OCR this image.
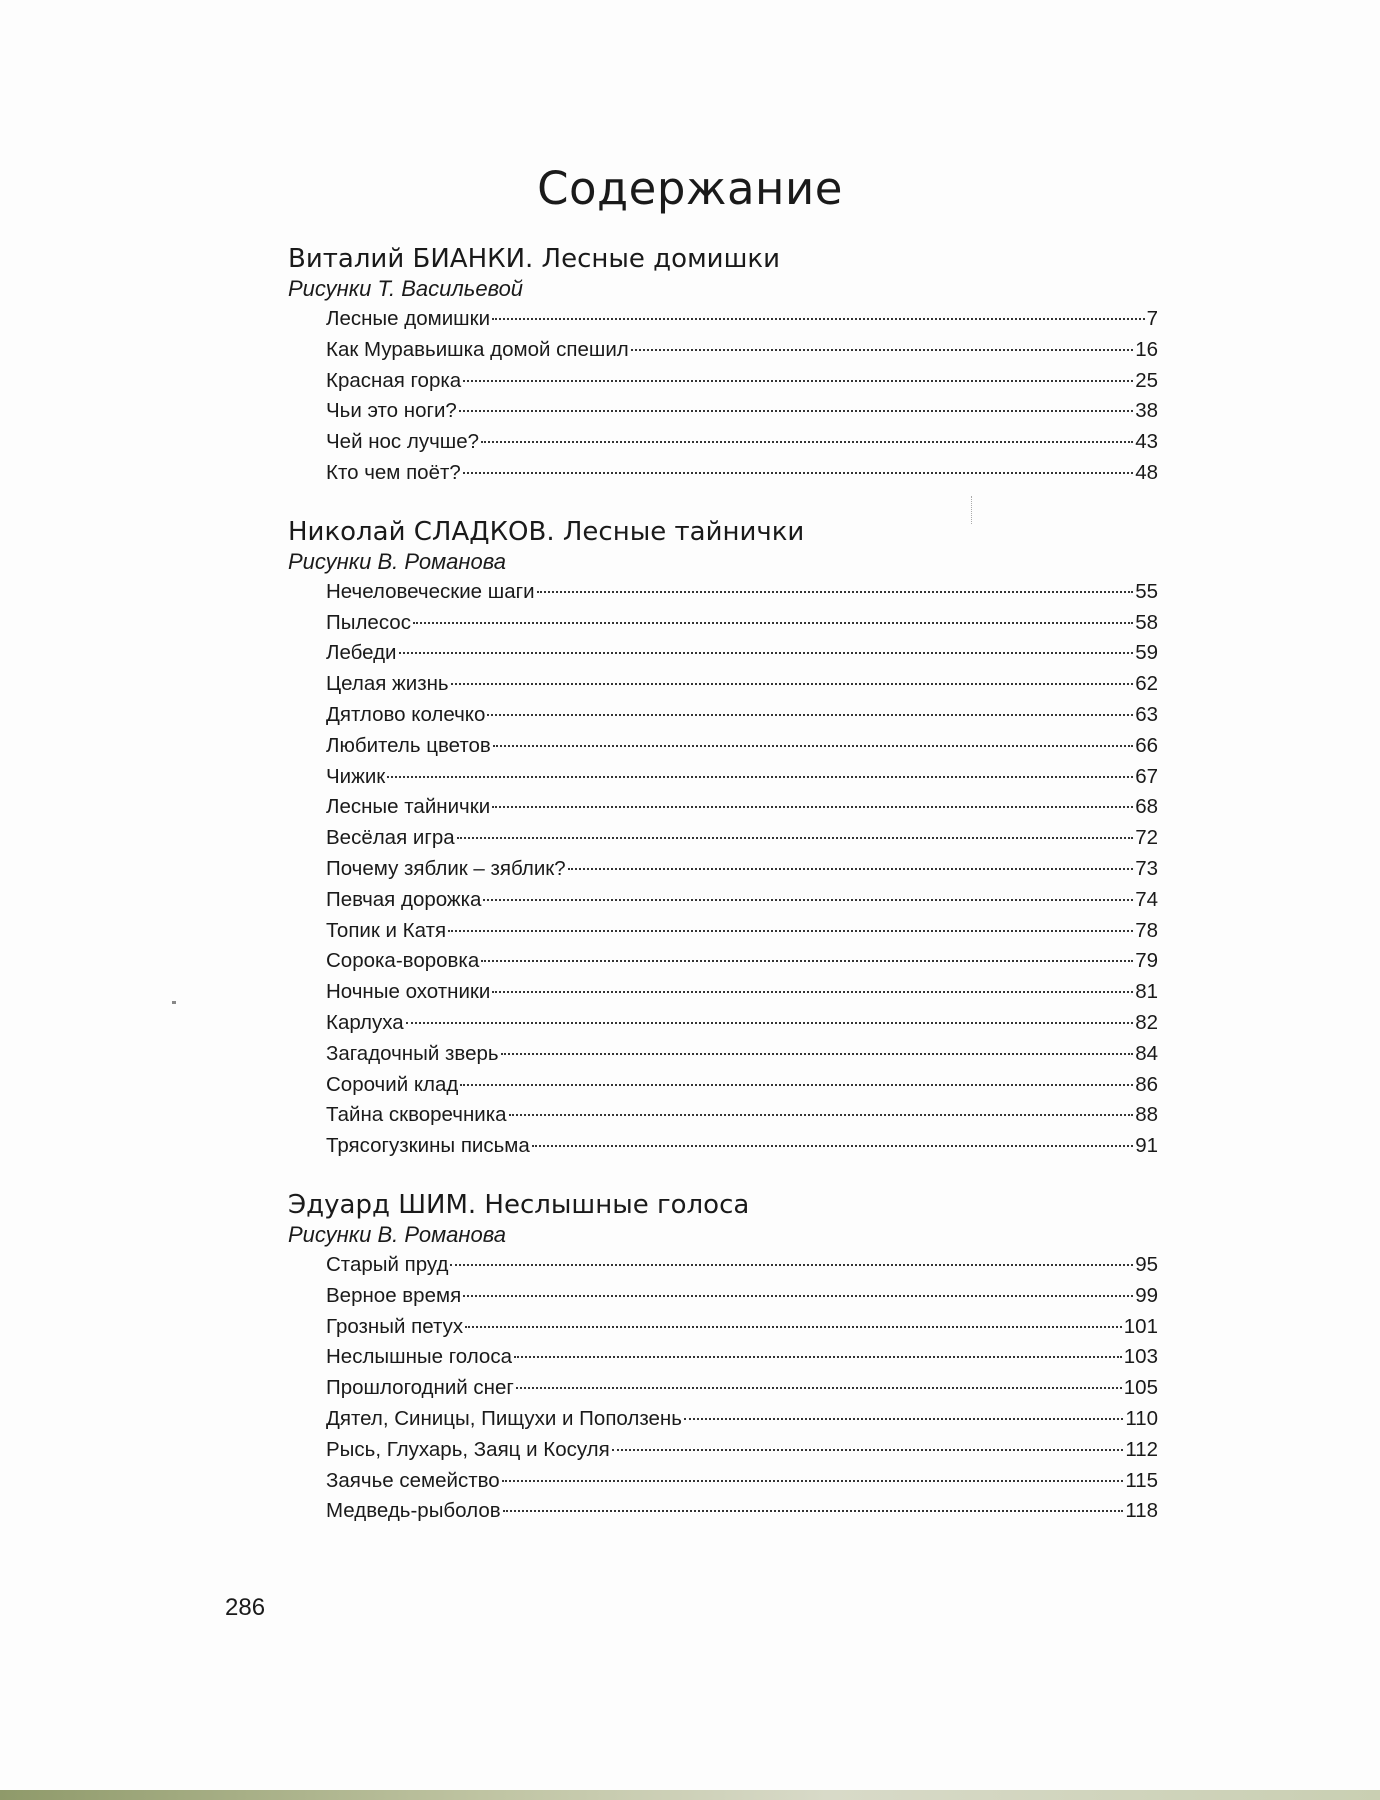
Содержание
Виталий БИАНКИ. Лесные домишки
Рисунки Т. Васильевой
Лесные домишки	7
Как Муравьишка домой спешил	16
Красная горка	25
Чьи это ноги?	38
Чей нос лучше?	43
Кто чем поёт?	48
Николай СЛАДКОВ. Лесные тайнички
Рисунки В. Романова
Нечеловеческие шаги	55
Пылесос	58
Лебеди	59
Целая жизнь	62
Дятлово колечко	63
Любитель цветов	66
Чижик	67
Лесные тайнички	68
Весёлая игра	72
Почему зяблик – зяблик?	73
Певчая дорожка	74
Топик и Катя	78
Сорока-воровка	79
Ночные охотники	81
Карлуха	82
Загадочный зверь	84
Сорочий клад	86
Тайна скворечника	88
Трясогузкины письма	91
Эдуард ШИМ. Неслышные голоса
Рисунки В. Романова
Старый пруд	95
Верное время	99
Грозный петух	101
Неслышные голоса	103
Прошлогодний снег	105
Дятел, Синицы, Пищухи и Поползень	110
Рысь, Глухарь, Заяц и Косуля	112
Заячье семейство	115
Медведь-рыболов	118
286
